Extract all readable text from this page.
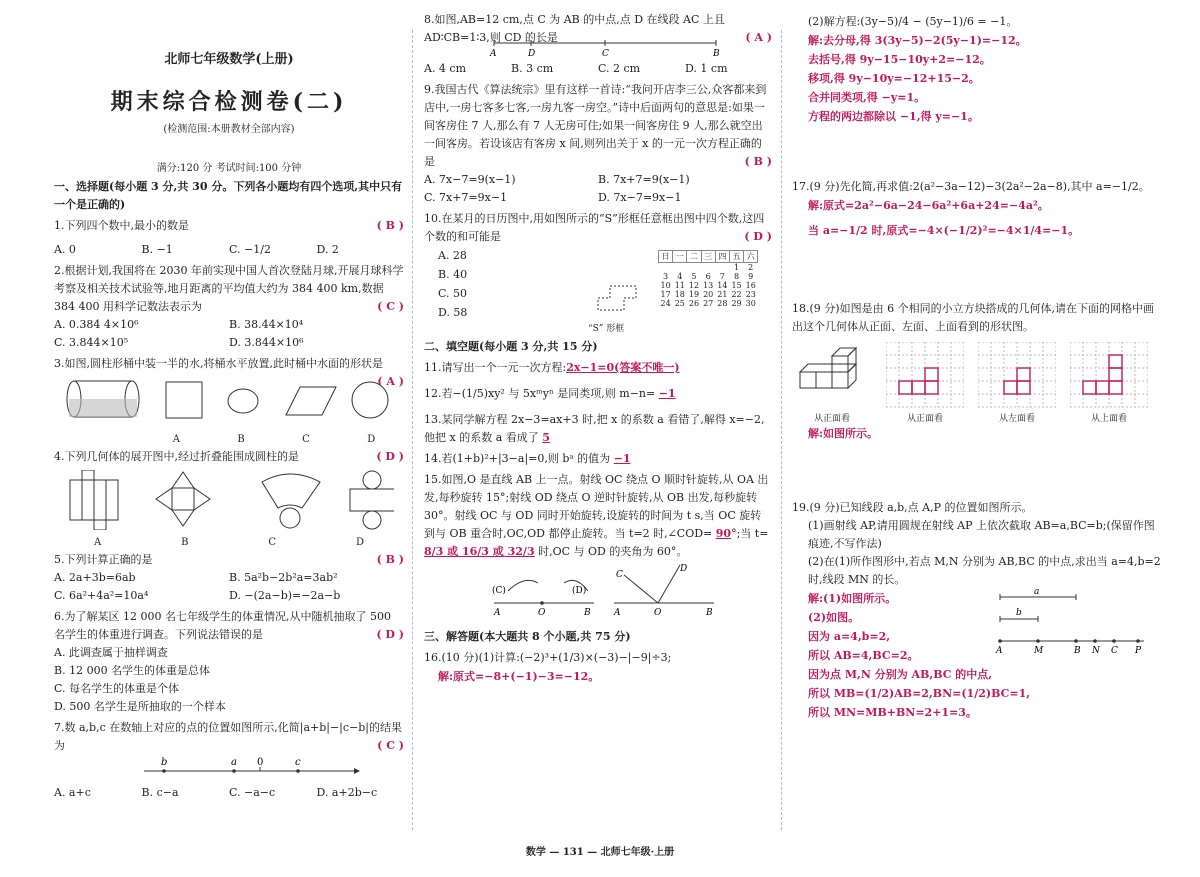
北师七年级数学(上册)
期末综合检测卷(二)
(检测范围:本册教材全部内容)
满分:120 分 考试时间:100 分钟
一、选择题(每小题 3 分,共 30 分。下列各小题均有四个选项,其中只有一个是正确的)
1.下列四个数中,最小的数是	( B )
A. 0	B. −1	C. −1/2	D. 2
2.根据计划,我国将在 2030 年前实现中国人首次登陆月球,开展月球科学考察及相关技术试验等,地月距离的平均值大约为 384 400 km,数据 384 400 用科学记数法表示为	( C )
A. 0.384 4×10⁶	B. 38.44×10⁴
C. 3.844×10⁵	D. 3.844×10⁶
3.如图,圆柱形桶中装一半的水,将桶水平放置,此时桶中水面的形状是
( A )
A	B	C	D
4.下列几何体的展开图中,经过折叠能围成圆柱的是	( D )
A	B	C	D
5.下列计算正确的是	( B )
A. 2a+3b=6ab	B. 5a²b−2b²a=3ab²
C. 6a²+4a²=10a⁴	D. −(2a−b)=−2a−b
6.为了解某区 12 000 名七年级学生的体重情况,从中随机抽取了 500 名学生的体重进行调查。下列说法错误的是	( D )
A. 此调查属于抽样调查
B. 12 000 名学生的体重是总体
C. 每名学生的体重是个体
D. 500 名学生是所抽取的一个样本
7.数 a,b,c 在数轴上对应的点的位置如图所示,化简|a+b|−|c−b|的结果为	( C )
b	a 0	c
A. a+c	B. c−a	C. −a−c	D. a+2b−c
8.如图,AB=12 cm,点 C 为 AB 的中点,点 D 在线段 AC 上且 AD∶CB=1∶3,则 CD 的长是	( A )
A	D	C	B
A. 4 cm	B. 3 cm	C. 2 cm	D. 1 cm
9.我国古代《算法统宗》里有这样一首诗:“我问开店李三公,众客都来到店中,一房七客多七客,一房九客一房空。”诗中后面两句的意思是:如果一间客房住 7 人,那么有 7 人无房可住;如果一间客房住 9 人,那么就空出一间客房。若设该店有客房 x 间,则列出关于 x 的一元一次方程正确的是	( B )
A. 7x−7=9(x−1)	B. 7x+7=9(x−1)
C. 7x+7=9x−1	D. 7x−7=9x−1
10.在某月的日历图中,用如图所示的“S”形框任意框出图中四个数,这四个数的和可能是	( D )
A. 28
B. 40
C. 50
D. 58
“S” 形框
日	一	二	三	四	五	六
					1	2
3	4	5	6	7	8	9
10	11	12	13	14	15	16
17	18	19	20	21	22	23
24	25	26	27	28	29	30
二、填空题(每小题 3 分,共 15 分)
11.请写出一个一元一次方程:2x−1=0(答案不唯一)
12.若−(1/5)xy² 与 5xᵐyⁿ 是同类项,则 m−n= −1
13.某同学解方程 2x−3=ax+3 时,把 x 的系数 a 看错了,解得 x=−2,他把 x 的系数 a 看成了 5
14.若(1+b)²+|3−a|=0,则 bᵃ 的值为 −1
15.如图,O 是直线 AB 上一点。射线 OC 绕点 O 顺时针旋转,从 OA 出发,每秒旋转 15°;射线 OD 绕点 O 逆时针旋转,从 OB 出发,每秒旋转 30°。射线 OC 与 OD 同时开始旋转,设旋转的时间为 t s,当 OC 旋转到与 OB 重合时,OC,OD 都停止旋转。当 t=2 时,∠COD= 90°;当 t= 8/3 或 16/3 或 32/3 时,OC 与 OD 的夹角为 60°。
(C)	(D)
A	O	B
C
D
A	O	B
三、解答题(本大题共 8 个小题,共 75 分)
16.(10 分)(1)计算:(−2)³+(1/3)×(−3)−|−9|÷3;
解:原式=−8+(−1)−3=−12。
(2)解方程:(3y−5)/4 − (5y−1)/6 = −1。
解:去分母,得 3(3y−5)−2(5y−1)=−12。
去括号,得 9y−15−10y+2=−12。
移项,得 9y−10y=−12+15−2。
合并同类项,得 −y=1。
方程的两边都除以 −1,得 y=−1。
17.(9 分)先化简,再求值:2(a²−3a−12)−3(2a²−2a−8),其中 a=−1/2。
解:原式=2a²−6a−24−6a²+6a+24=−4a²。
当 a=−1/2 时,原式=−4×(−1/2)²=−4×1/4=−1。
18.(9 分)如图是由 6 个相同的小立方块搭成的几何体,请在下面的网格中画出这个几何体从正面、左面、上面看到的形状图。
从正面看	从正面看	从左面看	从上面看
解:如图所示。
19.(9 分)已知线段 a,b,点 A,P 的位置如图所示。
(1)画射线 AP,请用圆规在射线 AP 上依次截取 AB=a,BC=b;(保留作图痕迹,不写作法)
(2)在(1)所作图形中,若点 M,N 分别为 AB,BC 的中点,求出当 a=4,b=2 时,线段 MN 的长。
解:(1)如图所示。
(2)如图。
因为 a=4,b=2,
所以 AB=4,BC=2。
因为点 M,N 分别为 AB,BC 的中点,
所以 MB=(1/2)AB=2,BN=(1/2)BC=1,
所以 MN=MB+BN=2+1=3。
a
b
A	M	B N C P
数学 — 131 — 北师七年级·上册
